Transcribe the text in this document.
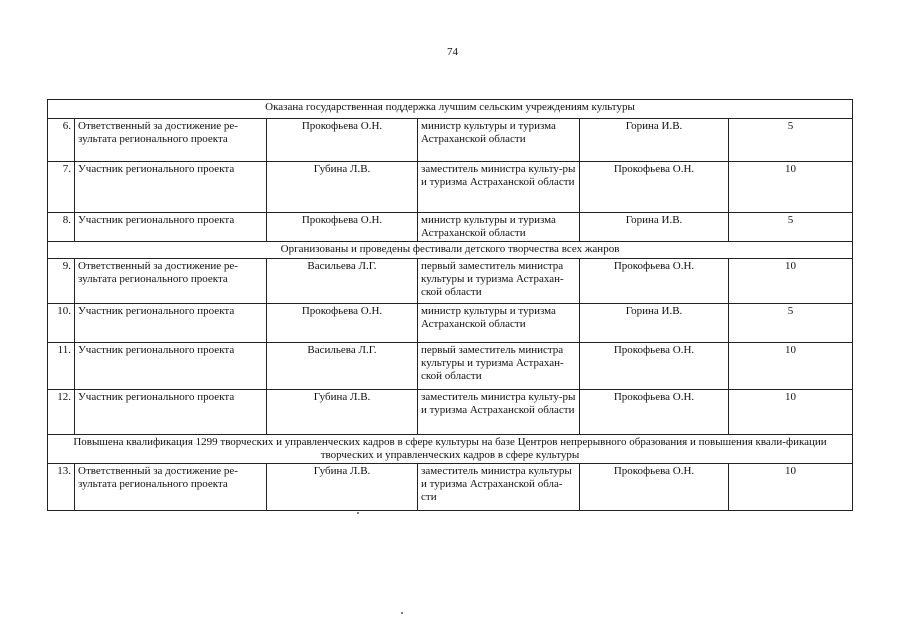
74
Оказана государственная поддержка лучшим сельским учреждениям культуры					
6.	Ответственный за достижение ре-зультата регионального проекта	Прокофьева О.Н.	министр культуры и туризма Астраханской области	Горина И.В.	5
7.	Участник регионального проекта	Губина Л.В.	заместитель министра культу-ры и туризма Астраханской области	Прокофьева О.Н.	10
8.	Участник регионального проекта	Прокофьева О.Н.	министр культуры и туризма Астраханской области	Горина И.В.	5
Организованы и проведены фестивали детского творчества всех жанров					
9.	Ответственный за достижение ре-зультата регионального проекта	Васильева Л.Г.	первый заместитель министра культуры и туризма Астрахан-ской области	Прокофьева О.Н.	10
10.	Участник регионального проекта	Прокофьева О.Н.	министр культуры и туризма Астраханской области	Горина И.В.	5
11.	Участник регионального проекта	Васильева Л.Г.	первый заместитель министра культуры и туризма Астрахан-ской области	Прокофьева О.Н.	10
12.	Участник регионального проекта	Губина Л.В.	заместитель министра культу-ры и туризма Астраханской области	Прокофьева О.Н.	10
Повышена квалификация 1299 творческих и управленческих кадров в сфере культуры на базе Центров непрерывного образования и повышения квали-фикации творческих и управленческих кадров в сфере культуры					
13.	Ответственный за достижение ре-зультата регионального проекта	Губина Л.В.	заместитель министра культуры и туризма Астраханской обла-сти	Прокофьева О.Н.	10
